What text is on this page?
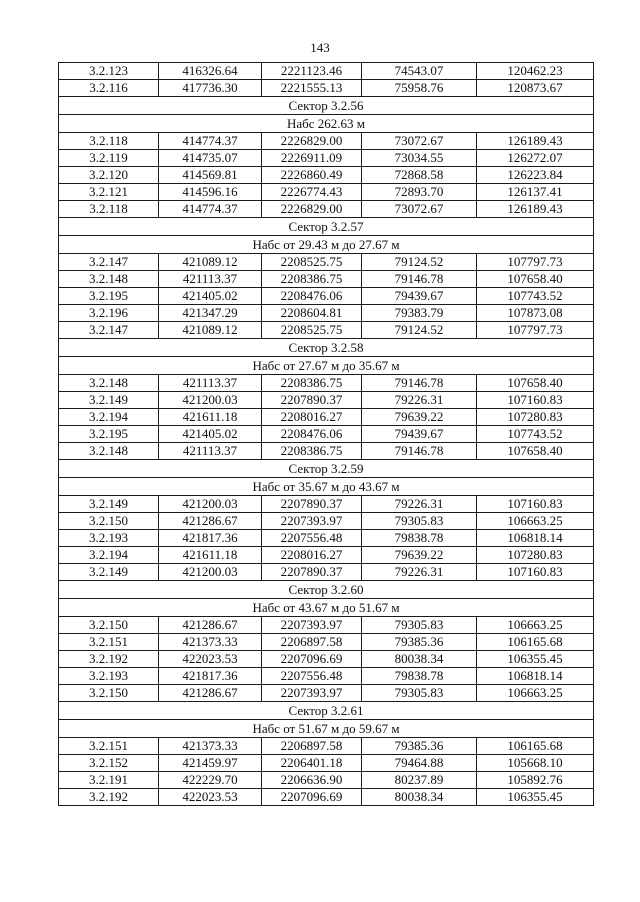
143
3.2.123	416326.64	2221123.46	74543.07	120462.23
3.2.116	417736.30	2221555.13	75958.76	120873.67
Сектор 3.2.56				
Набс 262.63 м				
3.2.118	414774.37	2226829.00	73072.67	126189.43
3.2.119	414735.07	2226911.09	73034.55	126272.07
3.2.120	414569.81	2226860.49	72868.58	126223.84
3.2.121	414596.16	2226774.43	72893.70	126137.41
3.2.118	414774.37	2226829.00	73072.67	126189.43
Сектор 3.2.57				
Набс от 29.43 м до 27.67 м				
3.2.147	421089.12	2208525.75	79124.52	107797.73
3.2.148	421113.37	2208386.75	79146.78	107658.40
3.2.195	421405.02	2208476.06	79439.67	107743.52
3.2.196	421347.29	2208604.81	79383.79	107873.08
3.2.147	421089.12	2208525.75	79124.52	107797.73
Сектор 3.2.58				
Набс от 27.67 м до 35.67 м				
3.2.148	421113.37	2208386.75	79146.78	107658.40
3.2.149	421200.03	2207890.37	79226.31	107160.83
3.2.194	421611.18	2208016.27	79639.22	107280.83
3.2.195	421405.02	2208476.06	79439.67	107743.52
3.2.148	421113.37	2208386.75	79146.78	107658.40
Сектор 3.2.59				
Набс от 35.67 м до 43.67 м				
3.2.149	421200.03	2207890.37	79226.31	107160.83
3.2.150	421286.67	2207393.97	79305.83	106663.25
3.2.193	421817.36	2207556.48	79838.78	106818.14
3.2.194	421611.18	2208016.27	79639.22	107280.83
3.2.149	421200.03	2207890.37	79226.31	107160.83
Сектор 3.2.60				
Набс от 43.67 м до 51.67 м				
3.2.150	421286.67	2207393.97	79305.83	106663.25
3.2.151	421373.33	2206897.58	79385.36	106165.68
3.2.192	422023.53	2207096.69	80038.34	106355.45
3.2.193	421817.36	2207556.48	79838.78	106818.14
3.2.150	421286.67	2207393.97	79305.83	106663.25
Сектор 3.2.61				
Набс от 51.67 м до 59.67 м				
3.2.151	421373.33	2206897.58	79385.36	106165.68
3.2.152	421459.97	2206401.18	79464.88	105668.10
3.2.191	422229.70	2206636.90	80237.89	105892.76
3.2.192	422023.53	2207096.69	80038.34	106355.45
